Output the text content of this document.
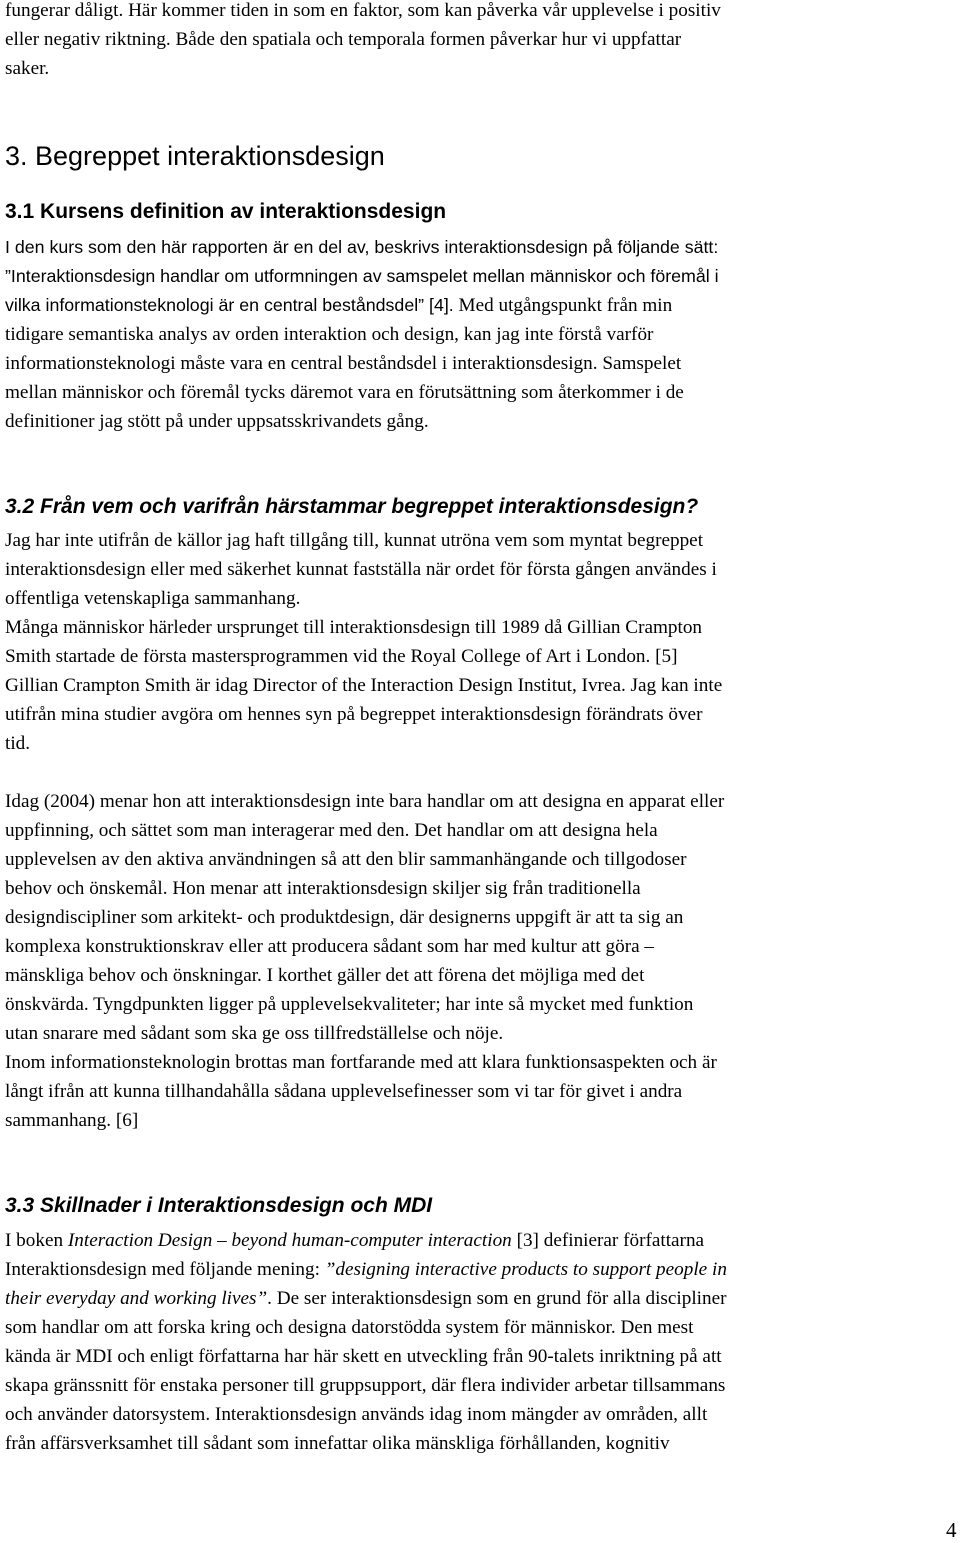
fungerar dåligt. Här kommer tiden in som en faktor, som kan påverka vår upplevelse i positiv
eller negativ riktning. Både den spatiala och temporala formen påverkar hur vi uppfattar
saker.
3. Begreppet interaktionsdesign
3.1 Kursens definition av interaktionsdesign
I den kurs som den här rapporten är en del av, beskrivs interaktionsdesign på följande sätt:
”Interaktionsdesign handlar om utformningen av samspelet mellan människor och föremål i
vilka informationsteknologi är en central beståndsdel” [4]. Med utgångspunkt från min
tidigare semantiska analys av orden interaktion och design, kan jag inte förstå varför
informationsteknologi måste vara en central beståndsdel i interaktionsdesign. Samspelet
mellan människor och föremål tycks däremot vara en förutsättning som återkommer i de
definitioner jag stött på under uppsatsskrivandets gång.
3.2 Från vem och varifrån härstammar begreppet interaktionsdesign?
Jag har inte utifrån de källor jag haft tillgång till, kunnat utröna vem som myntat begreppet
interaktionsdesign eller med säkerhet kunnat fastställa när ordet för första gången användes i
offentliga vetenskapliga sammanhang.
Många människor härleder ursprunget till interaktionsdesign till 1989 då Gillian Crampton
Smith startade de första mastersprogrammen vid the Royal College of Art i London. [5]
Gillian Crampton Smith är idag Director of the Interaction Design Institut, Ivrea. Jag kan inte
utifrån mina studier avgöra om hennes syn på begreppet interaktionsdesign förändrats över
tid.
Idag (2004) menar hon att interaktionsdesign inte bara handlar om att designa en apparat eller
uppfinning, och sättet som man interagerar med den. Det handlar om att designa hela
upplevelsen av den aktiva användningen så att den blir sammanhängande och tillgodoser
behov och önskemål. Hon menar att interaktionsdesign skiljer sig från traditionella
designdiscipliner som arkitekt- och produktdesign, där designerns uppgift är att ta sig an
komplexa konstruktionskrav eller att producera sådant som har med kultur att göra –
mänskliga behov och önskningar. I korthet gäller det att förena det möjliga med det
önskvärda. Tyngdpunkten ligger på upplevelsekvaliteter; har inte så mycket med funktion
utan snarare med sådant som ska ge oss tillfredställelse och nöje.
Inom informationsteknologin brottas man fortfarande med att klara funktionsaspekten och är
långt ifrån att kunna tillhandahålla sådana upplevelsefinesser som vi tar för givet i andra
sammanhang. [6]
3.3 Skillnader i Interaktionsdesign och MDI
I boken Interaction Design – beyond human-computer interaction [3] definierar författarna
Interaktionsdesign med följande mening: ”designing interactive products to support people in
their everyday and working lives”. De ser interaktionsdesign som en grund för alla discipliner
som handlar om att forska kring och designa datorstödda system för människor. Den mest
kända är MDI och enligt författarna har här skett en utveckling från 90-talets inriktning på att
skapa gränssnitt för enstaka personer till gruppsupport, där flera individer arbetar tillsammans
och använder datorsystem. Interaktionsdesign används idag inom mängder av områden, allt
från affärsverksamhet till sådant som innefattar olika mänskliga förhållanden, kognitiv
4
